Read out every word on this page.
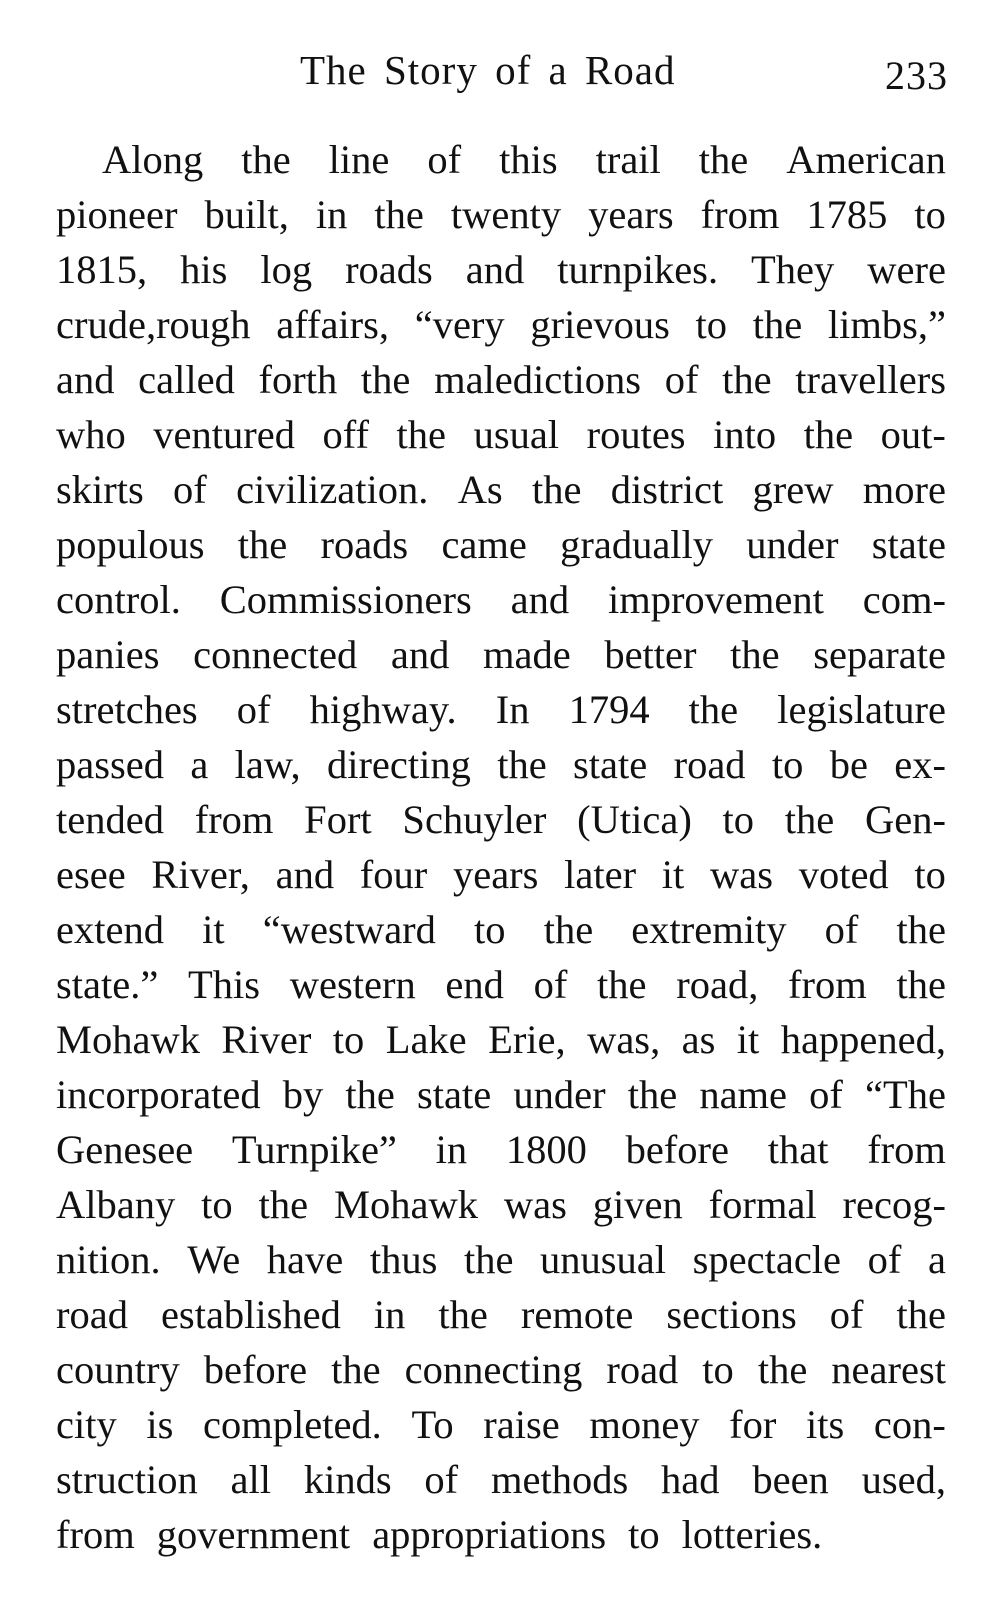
The Story of a Road	233
Along the line of this trail the American
pioneer built, in the twenty years from 1785 to
1815, his log roads and turnpikes. They were
crude,rough affairs, “very grievous to the limbs,”
and called forth the maledictions of the travellers
who ventured off the usual routes into the out-
skirts of civilization. As the district grew more
populous the roads came gradually under state
control. Commissioners and improvement com-
panies connected and made better the separate
stretches of highway. In 1794 the legislature
passed a law, directing the state road to be ex-
tended from Fort Schuyler (Utica) to the Gen-
esee River, and four years later it was voted to
extend it “westward to the extremity of the
state.” This western end of the road, from the
Mohawk River to Lake Erie, was, as it happened,
incorporated by the state under the name of “The
Genesee Turnpike” in 1800 before that from
Albany to the Mohawk was given formal recog-
nition. We have thus the unusual spectacle of a
road established in the remote sections of the
country before the connecting road to the nearest
city is completed. To raise money for its con-
struction all kinds of methods had been used,
from government appropriations to lotteries.
